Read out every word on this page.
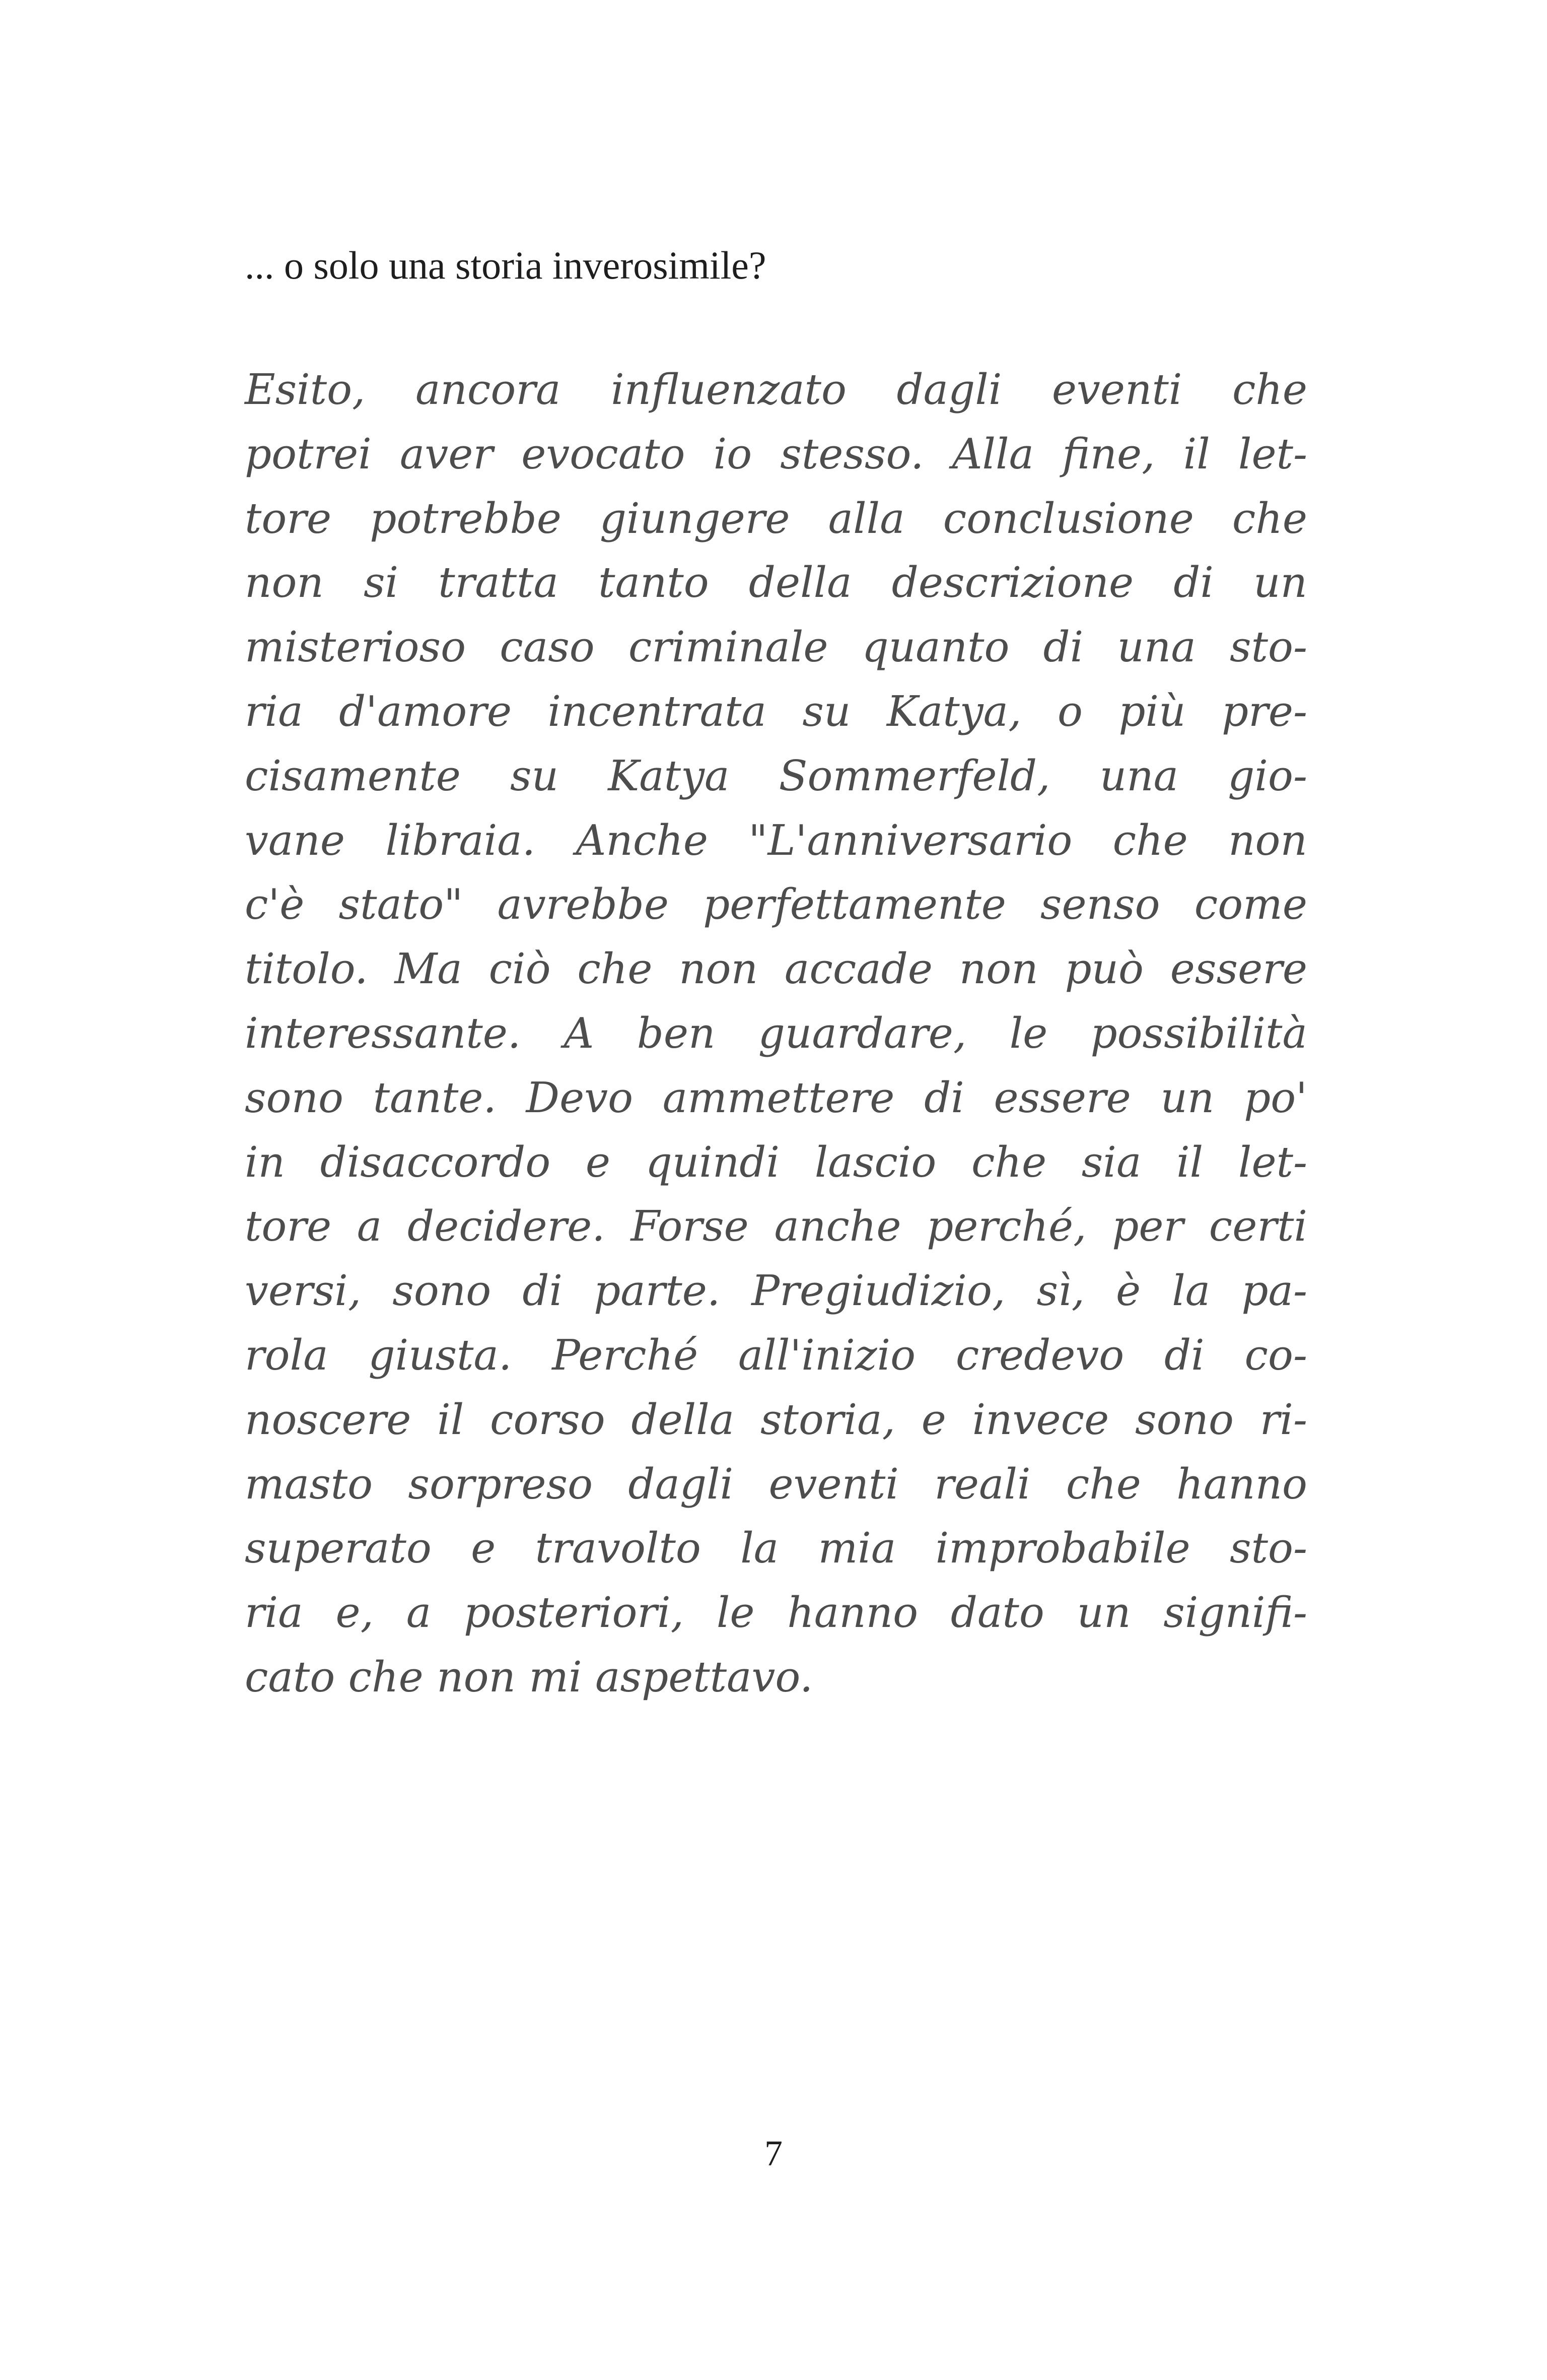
... o solo una storia inverosimile?

Esito, ancora influenzato dagli eventi che
potrei aver evocato io stesso. Alla fine, il let-
tore potrebbe giungere alla conclusione che
non si tratta tanto della descrizione di un
misterioso caso criminale quanto di una sto-
ria d'amore incentrata su Katya, o più pre-
cisamente su Katya Sommerfeld, una gio-
vane libraia. Anche "L'anniversario che non
c'è stato" avrebbe perfettamente senso come
titolo. Ma ciò che non accade non può essere
interessante. A ben guardare, le possibilità
sono tante. Devo ammettere di essere un po'
in disaccordo e quindi lascio che sia il let-
tore a decidere. Forse anche perché, per certi
versi, sono di parte. Pregiudizio, sì, è la pa-
rola giusta. Perché all'inizio credevo di co-
noscere il corso della storia, e invece sono ri-
masto sorpreso dagli eventi reali che hanno
superato e travolto la mia improbabile sto-
ria e, a posteriori, le hanno dato un signifi-
cato che non mi aspettavo.

7
